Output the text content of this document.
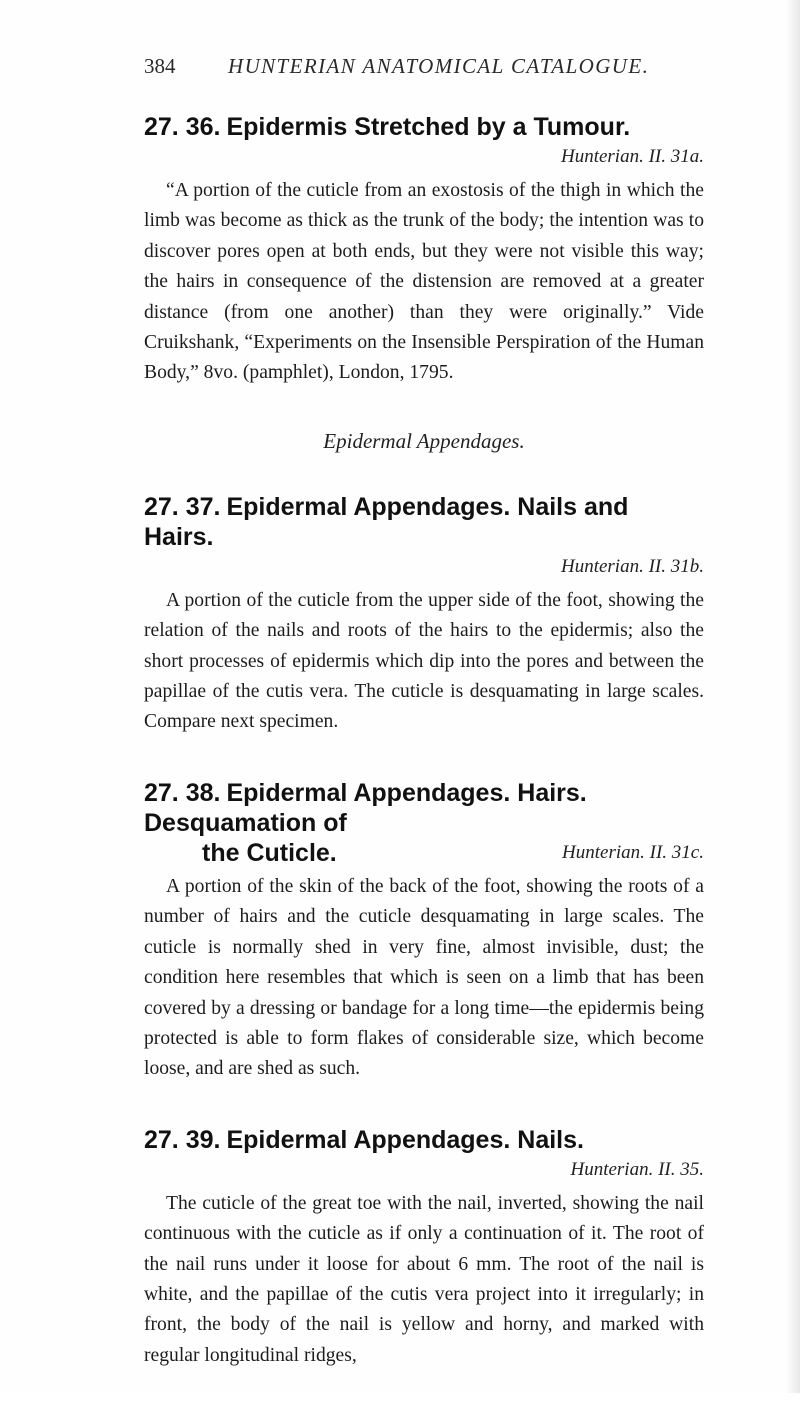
384	HUNTERIAN ANATOMICAL CATALOGUE.
27. 36. Epidermis Stretched by a Tumour.
Hunterian. II. 31a.

“A portion of the cuticle from an exostosis of the thigh in which the limb was become as thick as the trunk of the body; the intention was to discover pores open at both ends, but they were not visible this way; the hairs in consequence of the distension are removed at a greater distance (from one another) than they were originally.” Vide Cruikshank, “Experiments on the Insensible Perspiration of the Human Body,” 8vo. (pamphlet), London, 1795.

Epidermal Appendages.
27. 37. Epidermal Appendages. Nails and Hairs.
Hunterian. II. 31b.

A portion of the cuticle from the upper side of the foot, showing the relation of the nails and roots of the hairs to the epidermis; also the short processes of epidermis which dip into the pores and between the papillae of the cutis vera. The cuticle is desquamating in large scales. Compare next specimen.

27. 38. Epidermal Appendages. Hairs. Desquamation of
the Cuticle.	Hunterian. II. 31c.

A portion of the skin of the back of the foot, showing the roots of a number of hairs and the cuticle desquamating in large scales. The cuticle is normally shed in very fine, almost invisible, dust; the condition here resembles that which is seen on a limb that has been covered by a dressing or bandage for a long time—the epidermis being protected is able to form flakes of considerable size, which become loose, and are shed as such.

27. 39. Epidermal Appendages. Nails.
Hunterian. II. 35.

The cuticle of the great toe with the nail, inverted, showing the nail continuous with the cuticle as if only a continuation of it. The root of the nail runs under it loose for about 6 mm. The root of the nail is white, and the papillae of the cutis vera project into it irregularly; in front, the body of the nail is yellow and horny, and marked with regular longitudinal ridges,
